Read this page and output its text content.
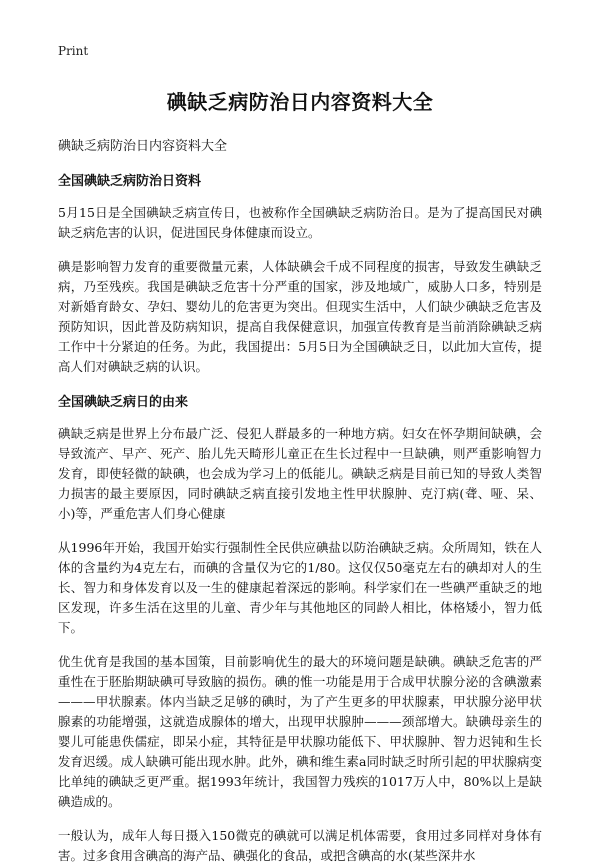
Print
碘缺乏病防治日内容资料大全

碘缺乏病防治日内容资料大全

全国碘缺乏病防治日资料

5月15日是全国碘缺乏病宣传日，也被称作全国碘缺乏病防治日。是为了提高国民对碘缺乏病危害的认识，促进国民身体健康而设立。

碘是影响智力发育的重要微量元素，人体缺碘会千成不同程度的损害，导致发生碘缺乏病，乃至残疾。我国是碘缺乏危害十分严重的国家，涉及地域广，威胁人口多，特别是对新婚育龄女、孕妇、婴幼儿的危害更为突出。但现实生活中，人们缺少碘缺乏危害及预防知识，因此普及防病知识，提高自我保健意识，加强宣传教育是当前消除碘缺乏病工作中十分紧迫的任务。为此，我国提出：5月5日为全国碘缺乏日，以此加大宣传，提高人们对碘缺乏病的认识。

全国碘缺乏病日的由来

碘缺乏病是世界上分布最广泛、侵犯人群最多的一种地方病。妇女在怀孕期间缺碘，会导致流产、早产、死产、胎儿先天畸形儿童正在生长过程中一旦缺碘，则严重影响智力发育，即使轻微的缺碘，也会成为学习上的低能儿。碘缺乏病是目前已知的导致人类智力损害的最主要原因，同时碘缺乏病直接引发地主性甲状腺肿、克汀病(聋、哑、呆、小)等，严重危害人们身心健康

从1996年开始，我国开始实行强制性全民供应碘盐以防治碘缺乏病。众所周知，铁在人体的含量约为4克左右，而碘的含量仅为它的1/80。这仅仅50毫克左右的碘却对人的生长、智力和身体发育以及一生的健康起着深远的影响。科学家们在一些碘严重缺乏的地区发现，许多生活在这里的儿童、青少年与其他地区的同龄人相比，体格矮小，智力低下。

优生优育是我国的基本国策，目前影响优生的最大的环境问题是缺碘。碘缺乏危害的严重性在于胚胎期缺碘可导致脑的损伤。碘的惟一功能是用于合成甲状腺分泌的含碘激素———甲状腺素。体内当缺乏足够的碘时，为了产生更多的甲状腺素，甲状腺分泌甲状腺素的功能增强，这就造成腺体的增大，出现甲状腺肿———颈部增大。缺碘母亲生的婴儿可能患佚儒症，即呆小症，其特征是甲状腺功能低下、甲状腺肿、智力迟钝和生长发育迟缓。成人缺碘可能出现水肿。此外，碘和维生素a同时缺乏时所引起的甲状腺病变比单纯的碘缺乏更严重。据1993年统计，我国智力残疾的1017万人中，80%以上是缺碘造成的。

一般认为，成年人每日摄入150微克的碘就可以满足机体需要，食用过多同样对身体有害。过多食用含碘高的海产品、碘强化的食品，或把含碘高的水(某些深井水
